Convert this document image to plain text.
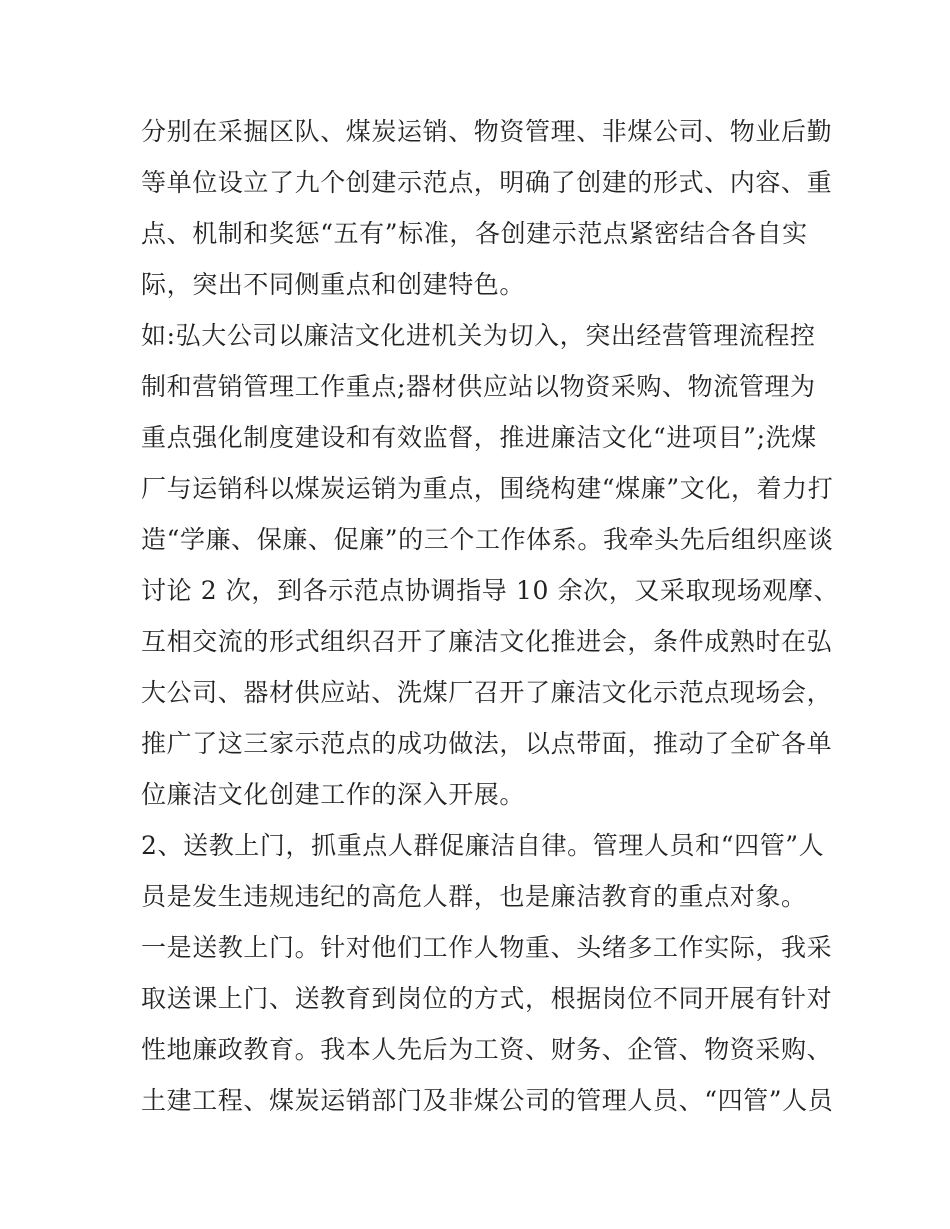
分别在采掘区队、煤炭运销、物资管理、非煤公司、物业后勤
等单位设立了九个创建示范点，明确了创建的形式、内容、重
点、机制和奖惩“五有”标准，各创建示范点紧密结合各自实
际，突出不同侧重点和创建特色。
如:弘大公司以廉洁文化进机关为切入，突出经营管理流程控
制和营销管理工作重点;器材供应站以物资采购、物流管理为
重点强化制度建设和有效监督，推进廉洁文化“进项目”;洗煤
厂与运销科以煤炭运销为重点，围绕构建“煤廉”文化，着力打
造“学廉、保廉、促廉”的三个工作体系。我牵头先后组织座谈
讨论 2 次，到各示范点协调指导 10 余次，又采取现场观摩、
互相交流的形式组织召开了廉洁文化推进会，条件成熟时在弘
大公司、器材供应站、洗煤厂召开了廉洁文化示范点现场会，
推广了这三家示范点的成功做法，以点带面，推动了全矿各单
位廉洁文化创建工作的深入开展。
2、送教上门，抓重点人群促廉洁自律。管理人员和“四管”人
员是发生违规违纪的高危人群，也是廉洁教育的重点对象。
一是送教上门。针对他们工作人物重、头绪多工作实际，我采
取送课上门、送教育到岗位的方式，根据岗位不同开展有针对
性地廉政教育。我本人先后为工资、财务、企管、物资采购、
土建工程、煤炭运销部门及非煤公司的管理人员、“四管”人员
